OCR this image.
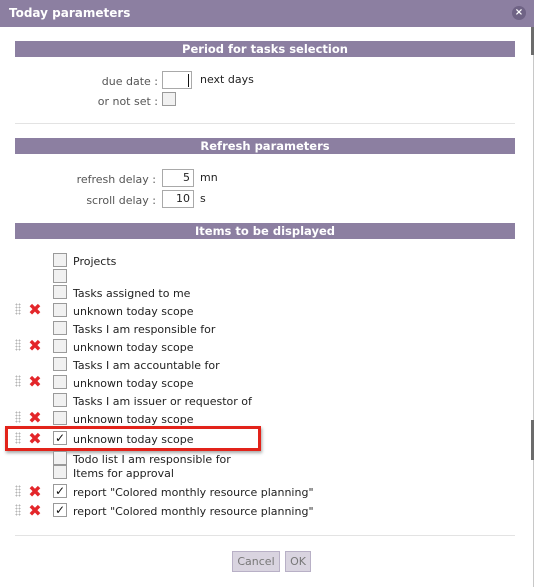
Today parameters	×
Period for tasks selection
due date :	next days
or not set :
Refresh parameters
refresh delay :	5 mn
scroll delay :	10 s
Items to be displayed
Projects
Tasks assigned to me
✖	unknown today scope
Tasks I am responsible for
✖	unknown today scope
Tasks I am accountable for
✖	unknown today scope
Tasks I am issuer or requestor of
✖	unknown today scope
✖ ✓ unknown today scope
Todo list I am responsible for
Items for approval
✖ ✓ report "Colored monthly resource planning"
✖ ✓ report "Colored monthly resource planning"
Cancel	OK
